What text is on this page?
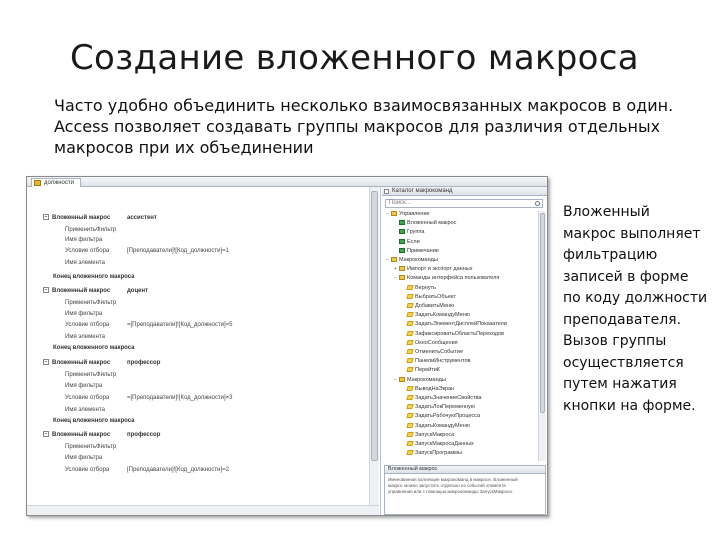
Создание вложенного макроса
Часто удобно объединить несколько взаимосвязанных макросов в один.
Access позволяет создавать группы макросов для различия отдельных
макросов при их объединении
должности
− Вложенный макрос	ассистент
ПрименитьФильтр
Имя фильтра
Условие отбора	[Преподаватели]![Код_должности]=1
Имя элемента
Конец вложенного макроса
− Вложенный макрос	доцент
ПрименитьФильтр
Имя фильтра
Условие отбора	=[Преподаватели]![Код_должности]=5
Имя элемента
Конец вложенного макроса
− Вложенный макрос	профессор
ПрименитьФильтр
Имя фильтра
Условие отбора	=[Преподаватели]![Код_должности]=3
Имя элемента
Конец вложенного макроса
− Вложенный макрос	профессор
ПрименитьФильтр
Имя фильтра
Условие отбора	[Преподаватели]![Код_должности]=2
Каталог макрокоманд
Поиск...
− Управление
Вложенный макрос
Группа
Если
Примечание
− Макрокоманды
+ Импорт и экспорт данных
− Команды интерфейса пользователя
Вернуть
ВыбратьОбъект
ДобавитьМеню
ЗадатьКомандуМеню
ЗадатьЭлементДисплейПоказатели
ЗафиксироватьОбластьПереходов
ОкноСообщения
ОтменитьСобытие
ПанелиИнструментов
ПерейтиК
− Макрокоманды
ВыводНаЭкран
ЗадатьЗначениеСвойства
ЗадатьЛокПеременную
ЗадатьРабочуюПроцесса
ЗадатьКомандуМеню
ЗапускМакроса
ЗапускМакросаДанных
ЗапускПрограммы
Вложенный макрос
Именованная коллекция макрокоманд в макросе. Вложенный
макрос можно запустить отдельно из событий элемента
управления или с помощью макрокоманды ЗапускМакроса.
Вложенный
макрос выполняет
фильтрацию
записей в форме
по коду должности
преподавателя.
Вызов группы
осуществляется
путем нажатия
кнопки на форме.
